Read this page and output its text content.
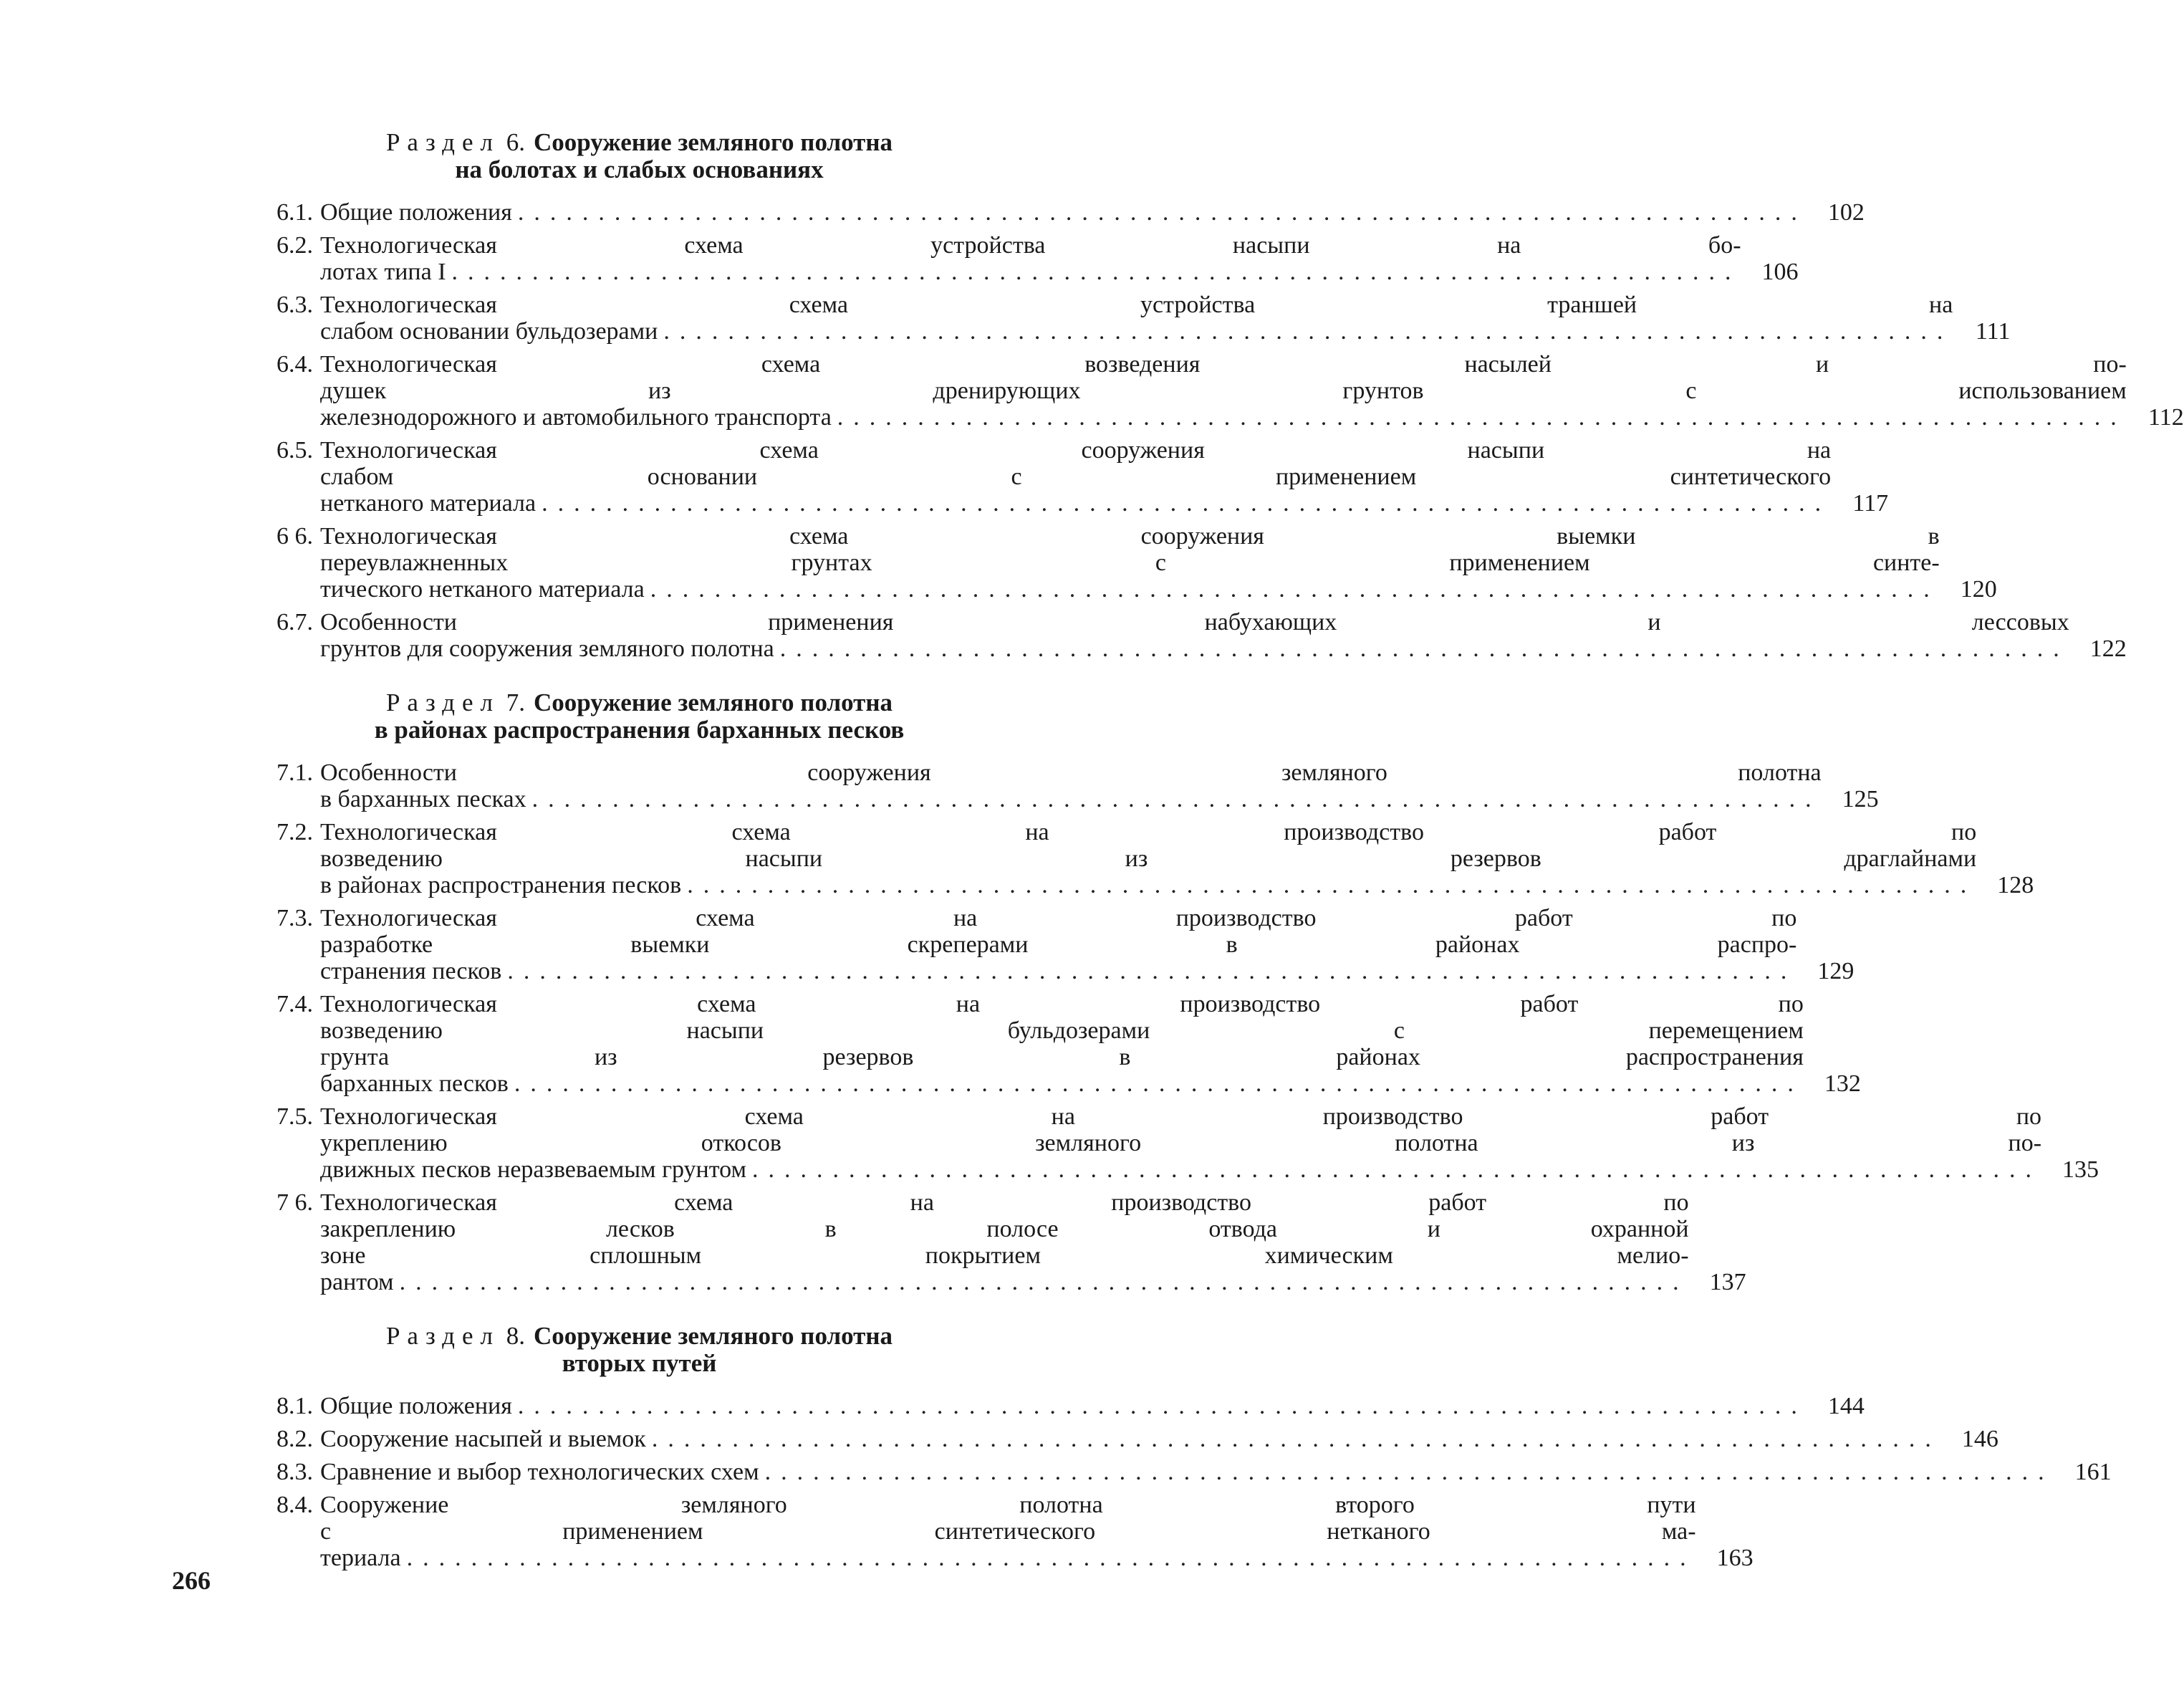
Раздел 6. Сооружение земляного полотна
на болотах и слабых основаниях
6.1. Общие положения ................................................................................ 102
6.2. Технологическая схема устройства насыпи на бо-
лотах типа I ................................................................................ 106
6.3. Технологическая схема устройства траншей на
слабом основании бульдозерами ................................................................................ 111
6.4. Технологическая схема возведения насылей и по-
душек из дренирующих грунтов с использованием
железнодорожного и автомобильного транспорта ................................................................................ 112
6.5. Технологическая схема сооружения насыпи на
слабом основании с применением синтетического
нетканого материала ................................................................................ 117
6 6. Технологическая схема сооружения выемки в
переувлажненных грунтах с применением синте-
тического нетканого материала ................................................................................ 120
6.7. Особенности применения набухающих и лессовых
грунтов для сооружения земляного полотна ................................................................................ 122
Раздел 7. Сооружение земляного полотна
в районах распространения барханных песков
7.1. Особенности сооружения земляного полотна
в барханных песках ................................................................................ 125
7.2. Технологическая схема на производство работ по
возведению насыпи из резервов драглайнами
в районах распространения песков ................................................................................ 128
7.3. Технологическая схема на производство работ по
разработке выемки скреперами в районах распро-
странения песков ................................................................................ 129
7.4. Технологическая схема на производство работ по
возведению насыпи бульдозерами с перемещением
грунта из резервов в районах распространения
барханных песков ................................................................................ 132
7.5. Технологическая схема на производство работ по
укреплению откосов земляного полотна из по-
движных песков неразвеваемым грунтом ................................................................................ 135
7 6. Технологическая схема на производство работ по
закреплению лесков в полосе отвода и охранной
зоне сплошным покрытием химическим мелио-
рантом ................................................................................ 137
Раздел 8. Сооружение земляного полотна
вторых путей
8.1. Общие положения ................................................................................ 144
8.2. Сооружение насыпей и выемок ................................................................................ 146
8.3. Сравнение и выбор технологических схем ................................................................................ 161
8.4. Сооружение земляного полотна второго пути
с применением синтетического нетканого ма-
териала ................................................................................ 163
266
